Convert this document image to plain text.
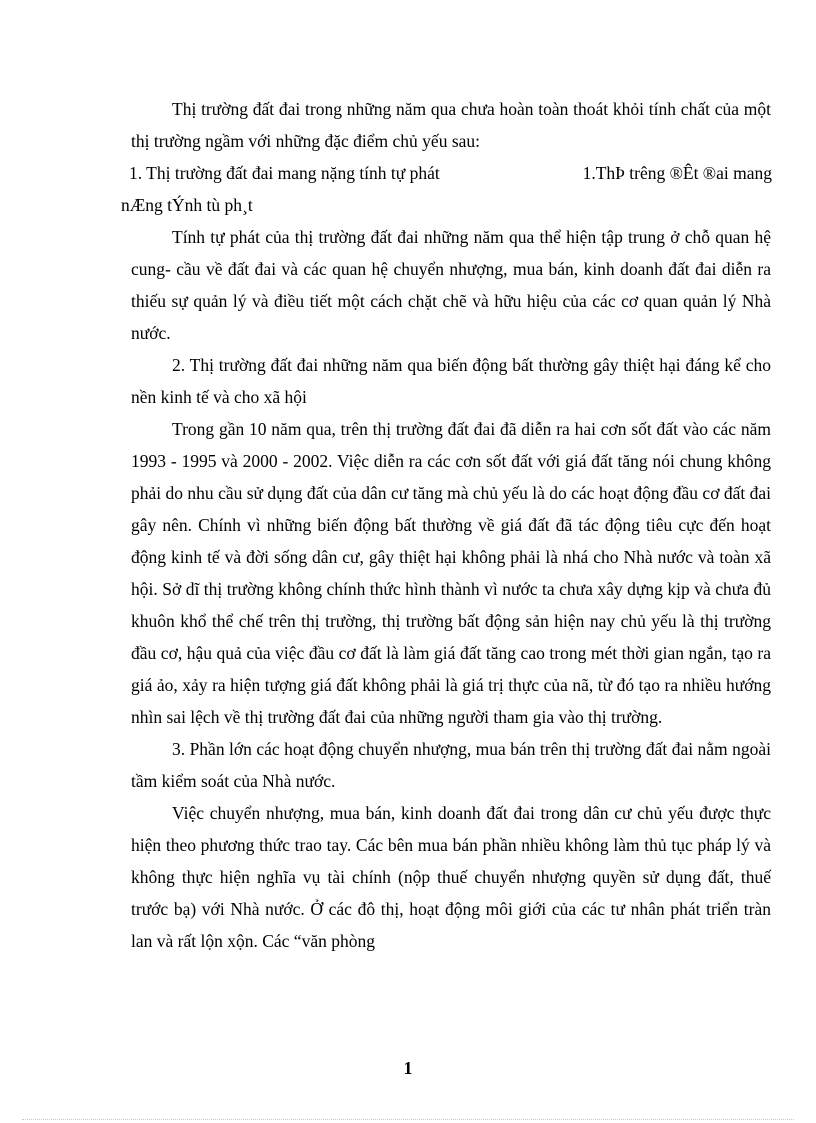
Thị trường đất đai trong những năm qua chưa hoàn toàn thoát khỏi tính chất của một thị trường ngầm với những đặc điểm chủ yếu sau:

1. Thị trường đất đai mang nặng tính tự phát	1.ThÞ trêng ®Êt ®ai mang

nÆng tÝnh tù ph¸t

Tính tự phát của thị trường đất đai những năm qua thể hiện tập trung ở chỗ quan hệ cung- cầu về đất đai và các quan hệ chuyển nhượng, mua bán, kinh doanh đất đai diễn ra thiếu sự quản lý và điều tiết một cách chặt chẽ và hữu hiệu của các cơ quan quản lý Nhà nước.

2. Thị trường đất đai những năm qua biến động bất thường gây thiệt hại đáng kể cho nền kinh tế và cho xã hội

Trong gần 10 năm qua, trên thị trường đất đai đã diễn ra hai cơn sốt đất vào các năm 1993 - 1995 và 2000 - 2002. Việc diễn ra các cơn sốt đất với giá đất tăng nói chung không phải do nhu cầu sử dụng đất của dân cư tăng mà chủ yếu là do các hoạt động đầu cơ đất đai gây nên. Chính vì những biến động bất thường về giá đất đã tác động tiêu cực đến hoạt động kinh tế và đời sống dân cư, gây thiệt hại không phải là nhá cho Nhà nước và toàn xã hội. Sở dĩ thị trường không chính thức hình thành vì nước ta chưa xây dựng kịp và chưa đủ khuôn khổ thể chế trên thị trường, thị trường bất động sản hiện nay chủ yếu là thị trường đầu cơ, hậu quả của việc đầu cơ đất là làm giá đất tăng cao trong mét thời gian ngắn, tạo ra giá ảo, xảy ra hiện tượng giá đất không phải là giá trị thực của nã, từ đó tạo ra nhiều hướng nhìn sai lệch về thị trường đất đai của những người tham gia vào thị trường.

3. Phần lớn các hoạt động chuyển nhượng, mua bán trên thị trường đất đai nằm ngoài tầm kiểm soát của Nhà nước.

Việc chuyển nhượng, mua bán, kinh doanh đất đai trong dân cư chủ yếu được thực hiện theo phương thức trao tay. Các bên mua bán phần nhiều không làm thủ tục pháp lý và không thực hiện nghĩa vụ tài chính (nộp thuế chuyển nhượng quyền sử dụng đất, thuế trước bạ) với Nhà nước. Ở các đô thị, hoạt động môi giới của các tư nhân phát triển tràn lan và rất lộn xộn. Các “văn phòng

1
